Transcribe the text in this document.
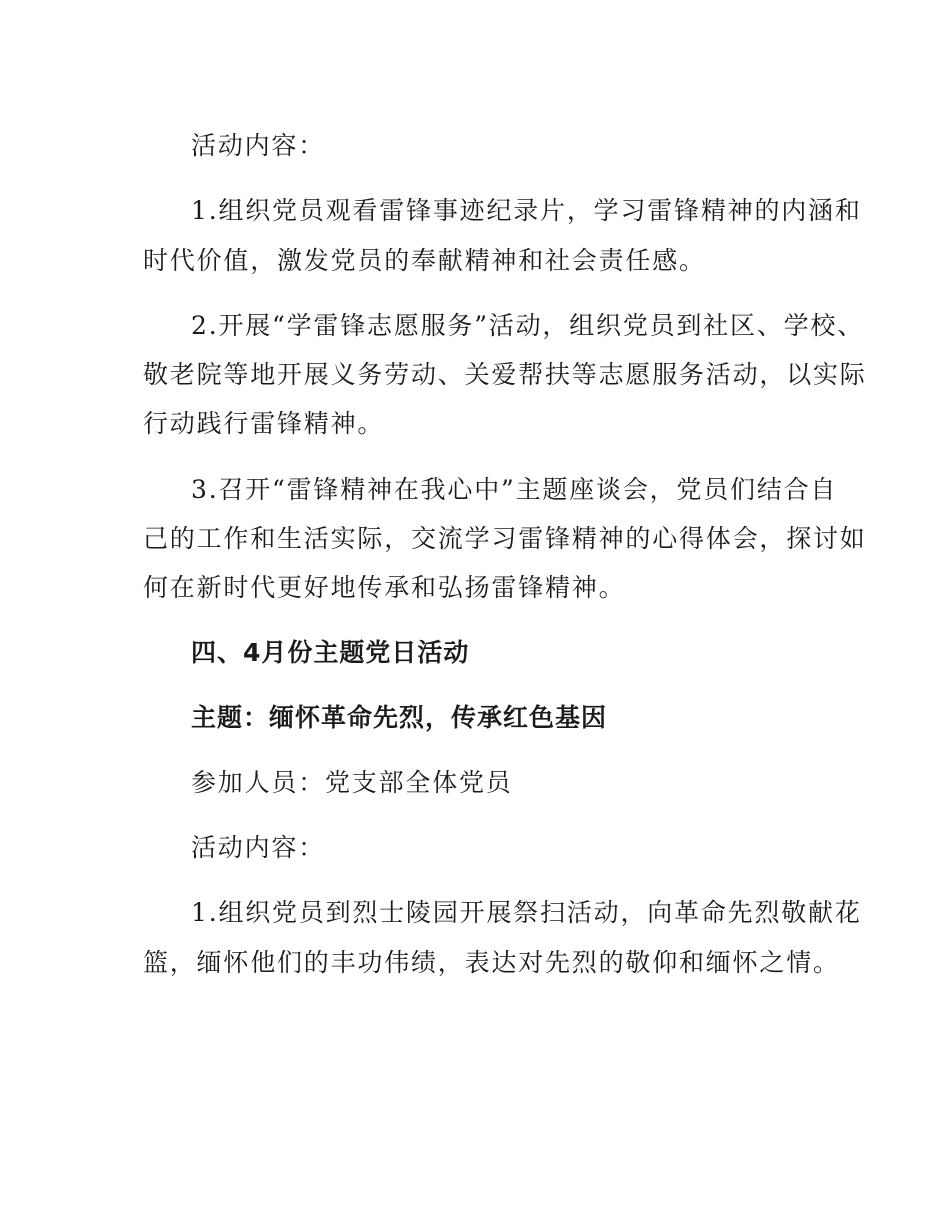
活动内容：
1.组织党员观看雷锋事迹纪录片，学习雷锋精神的内涵和
时代价值，激发党员的奉献精神和社会责任感。
2.开展“学雷锋志愿服务”活动，组织党员到社区、学校、
敬老院等地开展义务劳动、关爱帮扶等志愿服务活动，以实际
行动践行雷锋精神。
3.召开“雷锋精神在我心中”主题座谈会，党员们结合自
己的工作和生活实际，交流学习雷锋精神的心得体会，探讨如
何在新时代更好地传承和弘扬雷锋精神。
四、4月份主题党日活动
主题：缅怀革命先烈，传承红色基因
参加人员：党支部全体党员
活动内容：
1.组织党员到烈士陵园开展祭扫活动，向革命先烈敬献花
篮，缅怀他们的丰功伟绩，表达对先烈的敬仰和缅怀之情。
